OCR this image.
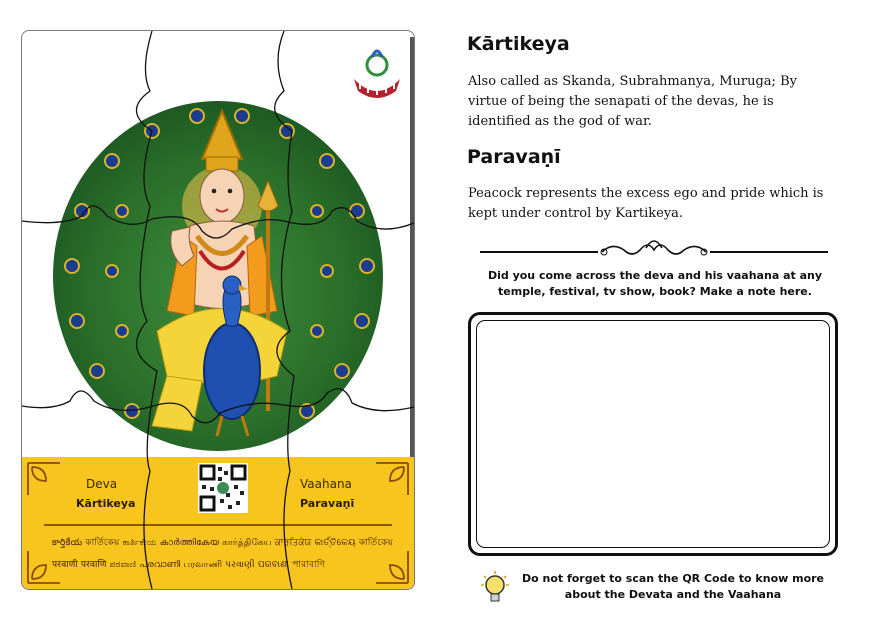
Deva
Kārtikeya
Vaahana
Paravaṇī
కార్తికేయ কাৰ্তিকেয় ಕಾರ್ತಿಕೇಯ കാർത്തികേയ கார்த்திகேய ਕਾਰਤਿਕੇਯ କାର୍ତ୍ତିକେୟ কার্তিকেয়
परवाणी परवाणि ಪರವಾಣಿ പരവാണി பரவாணி પરવાણી ପରବାଣୀ পারাবাণি
Kārtikeya

Also called as Skanda, Subrahmanya, Muruga; By virtue of being the senapati of the devas, he is identified as the god of war.

Paravaṇī

Peacock represents the excess ego and pride which is kept under control by Kartikeya.

Did you come across the deva and his vaahana at any temple, festival, tv show, book? Make a note here.
Do not forget to scan the QR Code to know more about the Devata and the Vaahana
